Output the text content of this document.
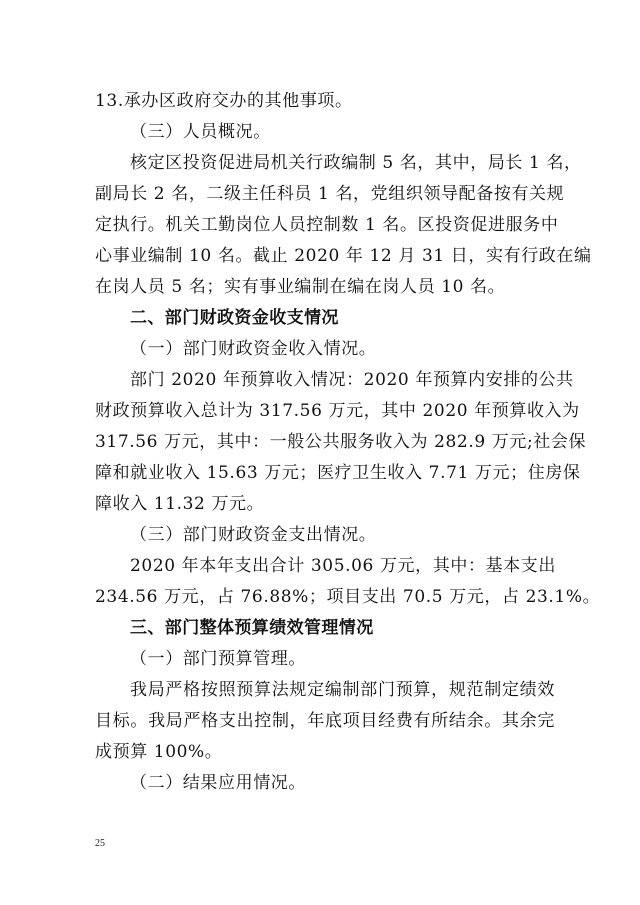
13.承办区政府交办的其他事项。
（三）人员概况。
核定区投资促进局机关行政编制 5 名，其中，局长 1 名，
副局长 2 名，二级主任科员 1 名，党组织领导配备按有关规
定执行。机关工勤岗位人员控制数 1 名。区投资促进服务中
心事业编制 10 名。截止 2020 年 12 月 31 日，实有行政在编
在岗人员 5 名；实有事业编制在编在岗人员 10 名。
二、部门财政资金收支情况
（一）部门财政资金收入情况。
部门 2020 年预算收入情况：2020 年预算内安排的公共
财政预算收入总计为 317.56 万元，其中 2020 年预算收入为
317.56 万元，其中：一般公共服务收入为 282.9 万元;社会保
障和就业收入 15.63 万元；医疗卫生收入 7.71 万元；住房保
障收入 11.32 万元。
（三）部门财政资金支出情况。
2020 年本年支出合计 305.06 万元，其中：基本支出
234.56 万元，占 76.88%；项目支出 70.5 万元，占 23.1%。
三、部门整体预算绩效管理情况
（一）部门预算管理。
我局严格按照预算法规定编制部门预算，规范制定绩效
目标。我局严格支出控制，年底项目经费有所结余。其余完
成预算 100%。
（二）结果应用情况。
25
